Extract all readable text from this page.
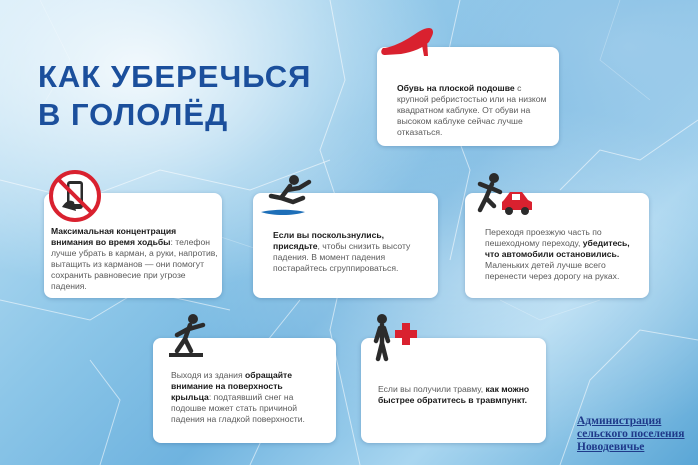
КАК УБЕРЕЧЬСЯ
В ГОЛОЛЁД

Обувь на плоской подошве с крупной ребристостью или на низком квадратном каблуке. От обуви на высоком каблуке сейчас лучше отказаться.

Максимальная концентрация внимания во время ходьбы: телефон лучше убрать в карман, а руки, напротив, вытащить из карманов — они помогут сохранить равновесие при угрозе падения.

Если вы поскользнулись, присядьте, чтобы снизить высоту падения. В момент падения постарайтесь сгруппироваться.

Переходя проезжую часть по пешеходному переходу, убедитесь, что автомобили остановились. Маленьких детей лучше всего перенести через дорогу на руках.

Выходя из здания обращайте внимание на поверхность крыльца: подтаявший снег на подошве может стать причиной падения на гладкой поверхности.

Если вы получили травму, как можно быстрее обратитесь в травмпункт.

Администрация
сельского поселения
Новодевичье
